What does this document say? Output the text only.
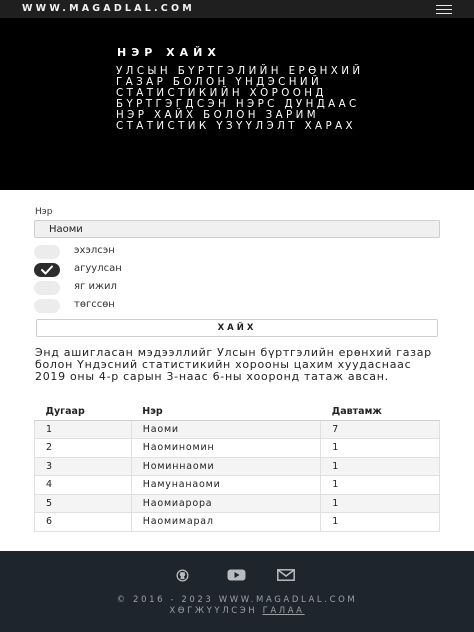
WWW.MAGADLAL.COM
НЭР ХАЙХ
УЛСЫН БҮРТГЭЛИЙН ЕРӨНХИЙ ГАЗАР БОЛОН ҮНДЭСНИЙ СТАТИСТИКИЙН ХОРООНД БҮРТГЭГДСЭН НЭРС ДУНДААС НЭР ХАЙХ БОЛОН ЗАРИМ СТАТИСТИК ҮЗҮҮЛЭЛТ ХАРАХ
Нэр
Наоми
эхэлсэн
агуулсан
яг ижил
төгссөн
ХАЙХ

Энд ашигласан мэдээллийг Улсын бүртгэлийн ерөнхий газар болон Үндэсний статистикийн хорооны цахим хуудаснаас 2019 оны 4-р сарын 3-наас 6-ны хооронд татаж авсан.

Дугаар	Нэр	Давтамж
1	Наоми	7
2	Наоминомин	1
3	Номиннаоми	1
4	Намунанаоми	1
5	Наомиарора	1
6	Наомимарал	1
© 2016 - 2023 WWW.MAGADLAL.COM
ХӨГЖҮҮЛСЭН ГАЛАА
